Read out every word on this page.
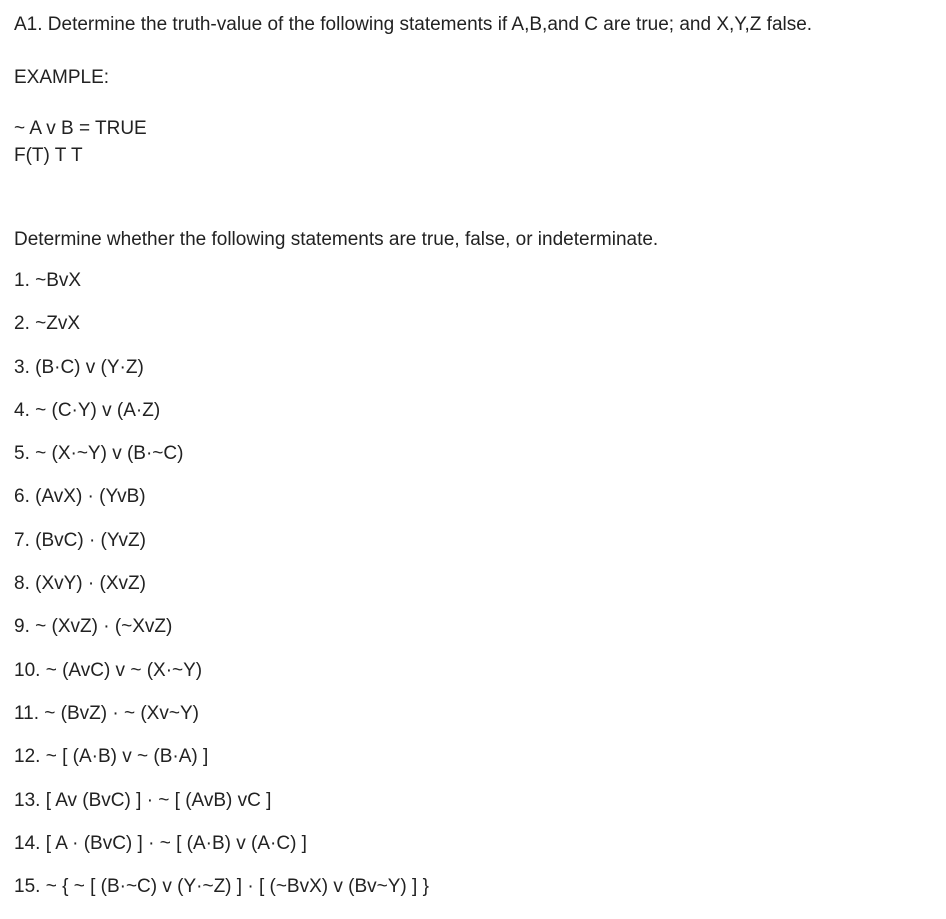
A1. Determine the truth-value of the following statements if A,B,and C are true; and X,Y,Z false.

EXAMPLE:

~ A v B = TRUE

F(T) T T

Determine whether the following statements are true, false, or indeterminate.

1. ~BvX
2. ~ZvX
3. (B·C) v (Y·Z)
4. ~ (C·Y) v (A·Z)
5. ~ (X·~Y) v (B·~C)
6. (AvX) · (YvB)
7. (BvC) · (YvZ)
8. (XvY) · (XvZ)
9. ~ (XvZ) · (~XvZ)
10. ~ (AvC) v ~ (X·~Y)
11. ~ (BvZ) · ~ (Xv~Y)
12. ~ [ (A·B) v ~ (B·A) ]
13. [ Av (BvC) ] · ~ [ (AvB) vC ]
14. [ A · (BvC) ] · ~ [ (A·B) v (A·C) ]
15. ~ { ~ [ (B·~C) v (Y·~Z) ] · [ (~BvX) v (Bv~Y) ] }
